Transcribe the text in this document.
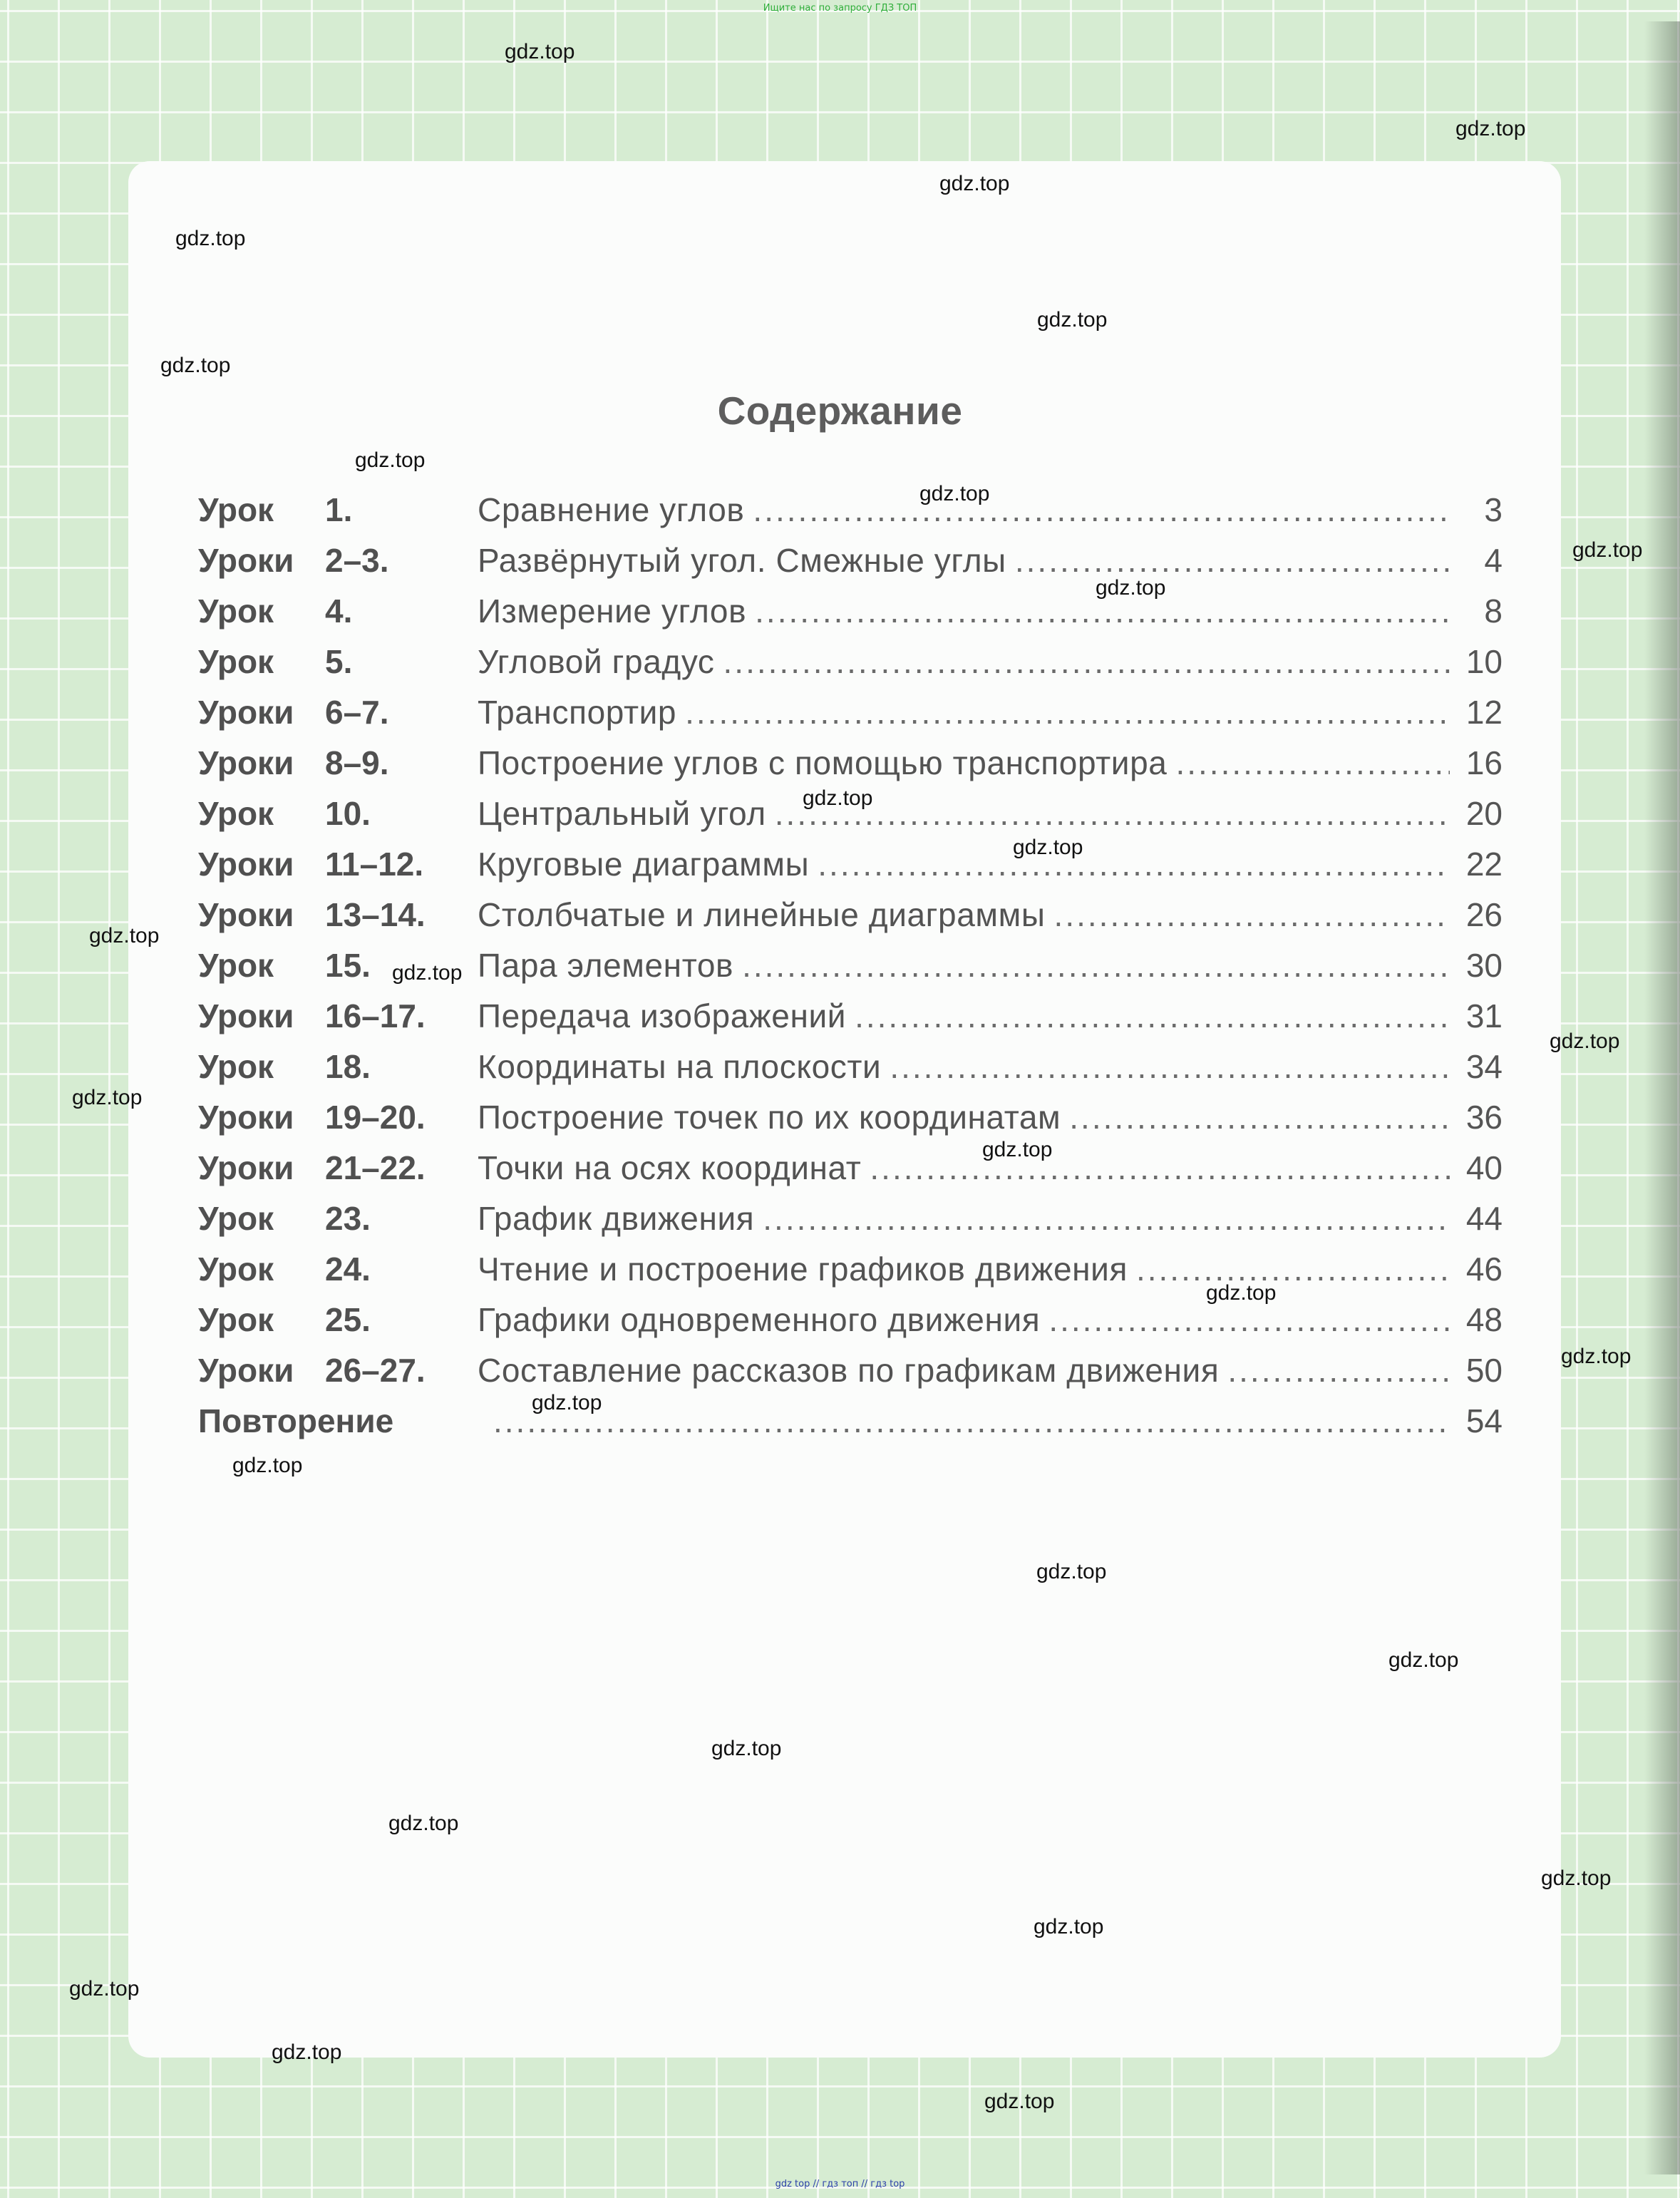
Ищите нас по запросу ГДЗ ТОП
Содержание
Урок 1.	Сравнение углов .....	3
Уроки 2–3.	Развёрнутый угол. Смежные углы .....	4
Урок 4.	Измерение углов .....	8
Урок 5.	Угловой градус .....	10
Уроки 6–7.	Транспортир .....	12
Уроки 8–9.	Построение углов с помощью транспортира .....	16
Урок 10.	Центральный угол .....	20
Уроки 11–12.	Круговые диаграммы .....	22
Уроки 13–14.	Столбчатые и линейные диаграммы .....	26
Урок 15.	Пара элементов .....	30
Уроки 16–17.	Передача изображений .....	31
Урок 18.	Координаты на плоскости .....	34
Уроки 19–20.	Построение точек по их координатам .....	36
Уроки 21–22.	Точки на осях координат .....	40
Урок 23.	График движения .....	44
Урок 24.	Чтение и построение графиков движения .....	46
Урок 25.	Графики одновременного движения .....	48
Уроки 26–27.	Составление рассказов по графикам движения .....	50
Повторение .....	54
gdz.top
gdz.top
gdz.top
gdz.top
gdz.top
gdz.top
gdz.top
gdz.top
gdz.top
gdz.top
gdz.top
gdz.top
gdz.top
gdz.top
gdz.top
gdz.top
gdz.top
gdz.top
gdz.top
gdz.top
gdz.top
gdz.top
gdz.top
gdz.top
gdz.top
gdz.top
gdz.top
gdz.top
gdz.top
gdz.top
gdz top // гдз топ // гдз top
